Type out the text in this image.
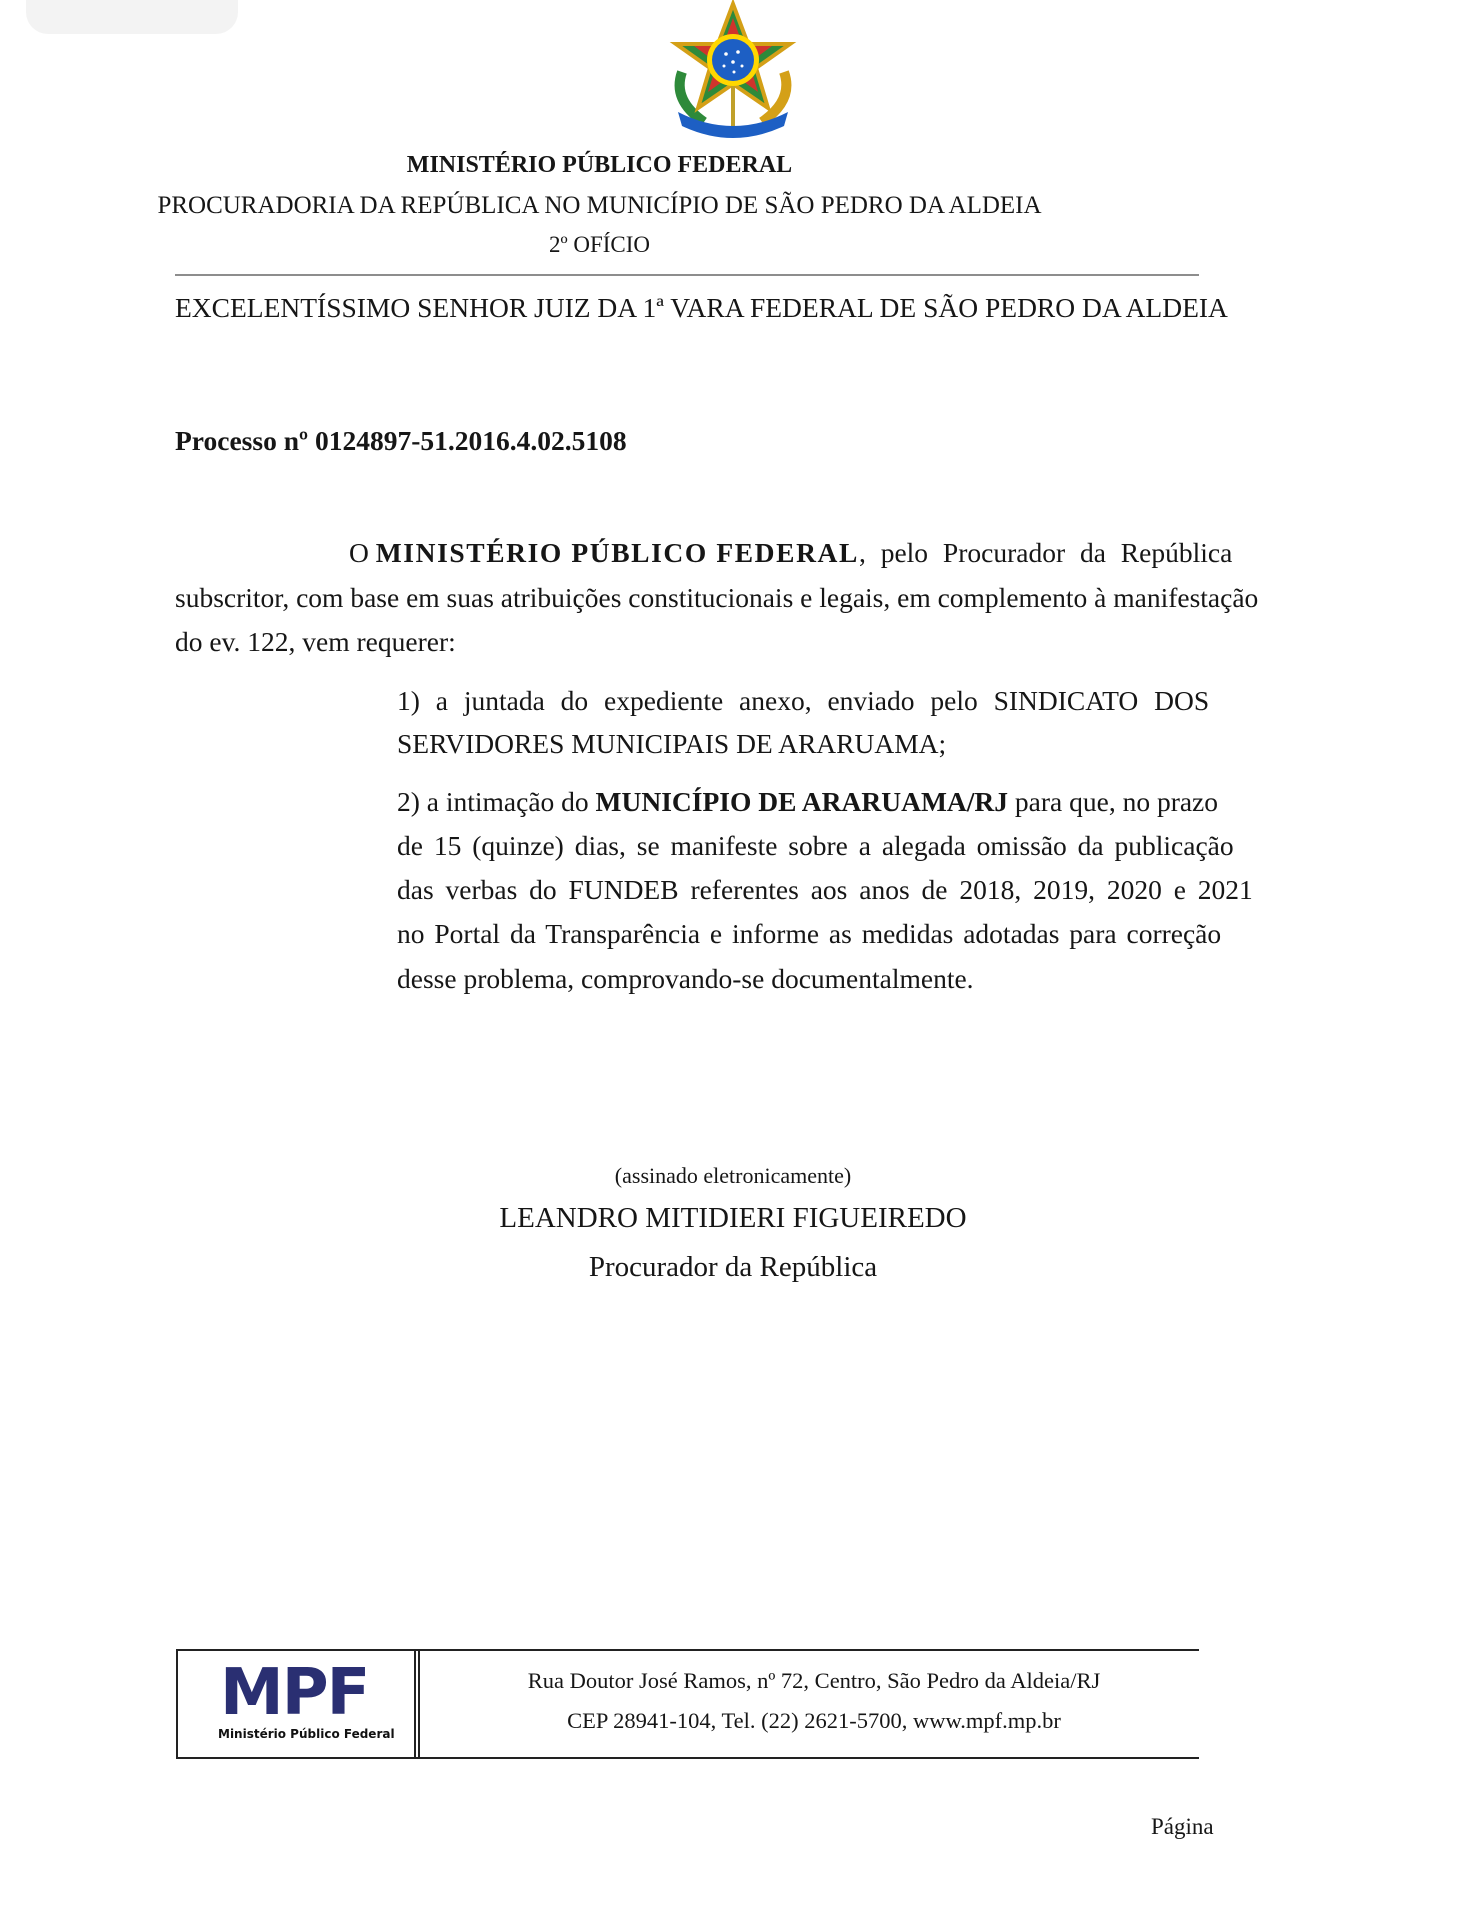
MINISTÉRIO PÚBLICO FEDERAL
PROCURADORIA DA REPÚBLICA NO MUNICÍPIO DE SÃO PEDRO DA ALDEIA
2º OFÍCIO
EXCELENTÍSSIMO SENHOR JUIZ DA 1ª VARA FEDERAL DE SÃO PEDRO DA ALDEIA
Processo nº 0124897-51.2016.4.02.5108
O MINISTÉRIO PÚBLICO FEDERAL, pelo Procurador da República
subscritor, com base em suas atribuições constitucionais e legais, em complemento à manifestação
do ev. 122, vem requerer:
1) a juntada do expediente anexo, enviado pelo SINDICATO DOS
SERVIDORES MUNICIPAIS DE ARARUAMA;
2) a intimação do MUNICÍPIO DE ARARUAMA/RJ para que, no prazo
de 15 (quinze) dias, se manifeste sobre a alegada omissão da publicação
das verbas do FUNDEB referentes aos anos de 2018, 2019, 2020 e 2021
no Portal da Transparência e informe as medidas adotadas para correção
desse problema, comprovando-se documentalmente.
(assinado eletronicamente)
LEANDRO MITIDIERI FIGUEIREDO
Procurador da República
MPF
Ministério Público Federal
Rua Doutor José Ramos, nº 72, Centro, São Pedro da Aldeia/RJ
CEP 28941-104, Tel. (22) 2621-5700, www.mpf.mp.br
Página
